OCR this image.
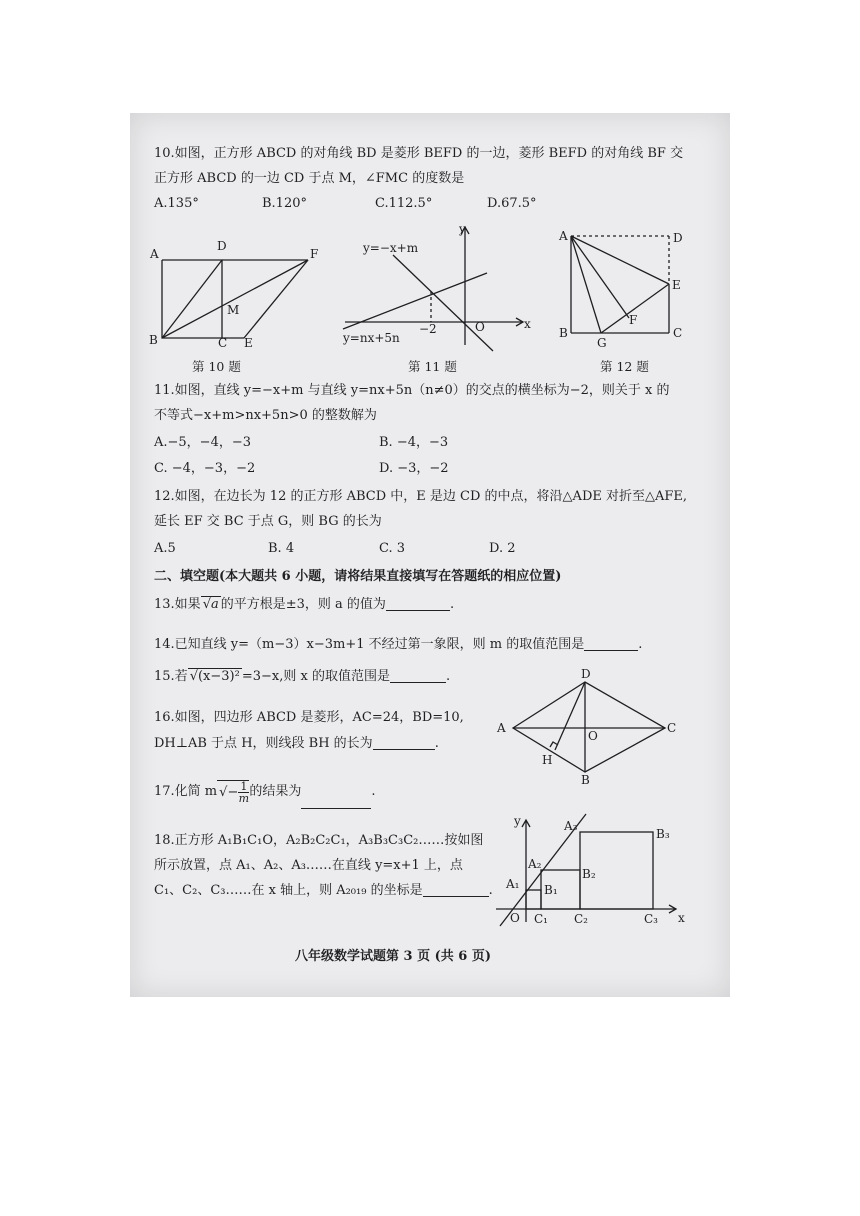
10.如图，正方形 ABCD 的对角线 BD 是菱形 BEFD 的一边，菱形 BEFD 的对角线 BF 交
正方形 ABCD 的一边 CD 于点 M，∠FMC 的度数是
A.135°	B.120°	C.112.5°	D.67.5°
A
D
F
M
B	C E
第 10 题
y=−x+m
y=nx+5n
y
x
O
−2
第 11 题
A	D
E
F
B
G
C
第 12 题
11.如图，直线 y=−x+m 与直线 y=nx+5n（n≠0）的交点的横坐标为−2，则关于 x 的
不等式−x+m>nx+5n>0 的整数解为
A.−5，−4，−3	B. −4，−3
C. −4，−3，−2	D. −3，−2
12.如图，在边长为 12 的正方形 ABCD 中，E 是边 CD 的中点，将沿△ADE 对折至△AFE,
延长 EF 交 BC 于点 G，则 BG 的长为
A.5	B. 4	C. 3	D. 2
二、填空题(本大题共 6 小题，请将结果直接填写在答题纸的相应位置)
13.如果 √a 的平方根是±3，则 a 的值为	.
14.已知直线 y=（m−3）x−3m+1 不经过第一象限，则 m 的取值范围是	.
15.若 √(x−3)² =3−x,则 x 的取值范围是	.
16.如图，四边形 ABCD 是菱形，AC=24，BD=10,
DH⊥AB 于点 H，则线段 BH 的长为	.
D
A
O
C
H
B
17.化简 m √− $\frac{1}{m}$ 的结果为	.
18.正方形 A₁B₁C₁O，A₂B₂C₂C₁，A₃B₃C₃C₂……按如图
所示放置，点 A₁、A₂、A₃……在直线 y=x+1 上，点
C₁、C₂、C₃……在 x 轴上，则 A₂₀₁₉ 的坐标是	.
y	A₃
B₃
A₂
B₂
A₁ B₁
O C₁ C₂	C₃ x
八年级数学试题第 3 页 (共 6 页)
